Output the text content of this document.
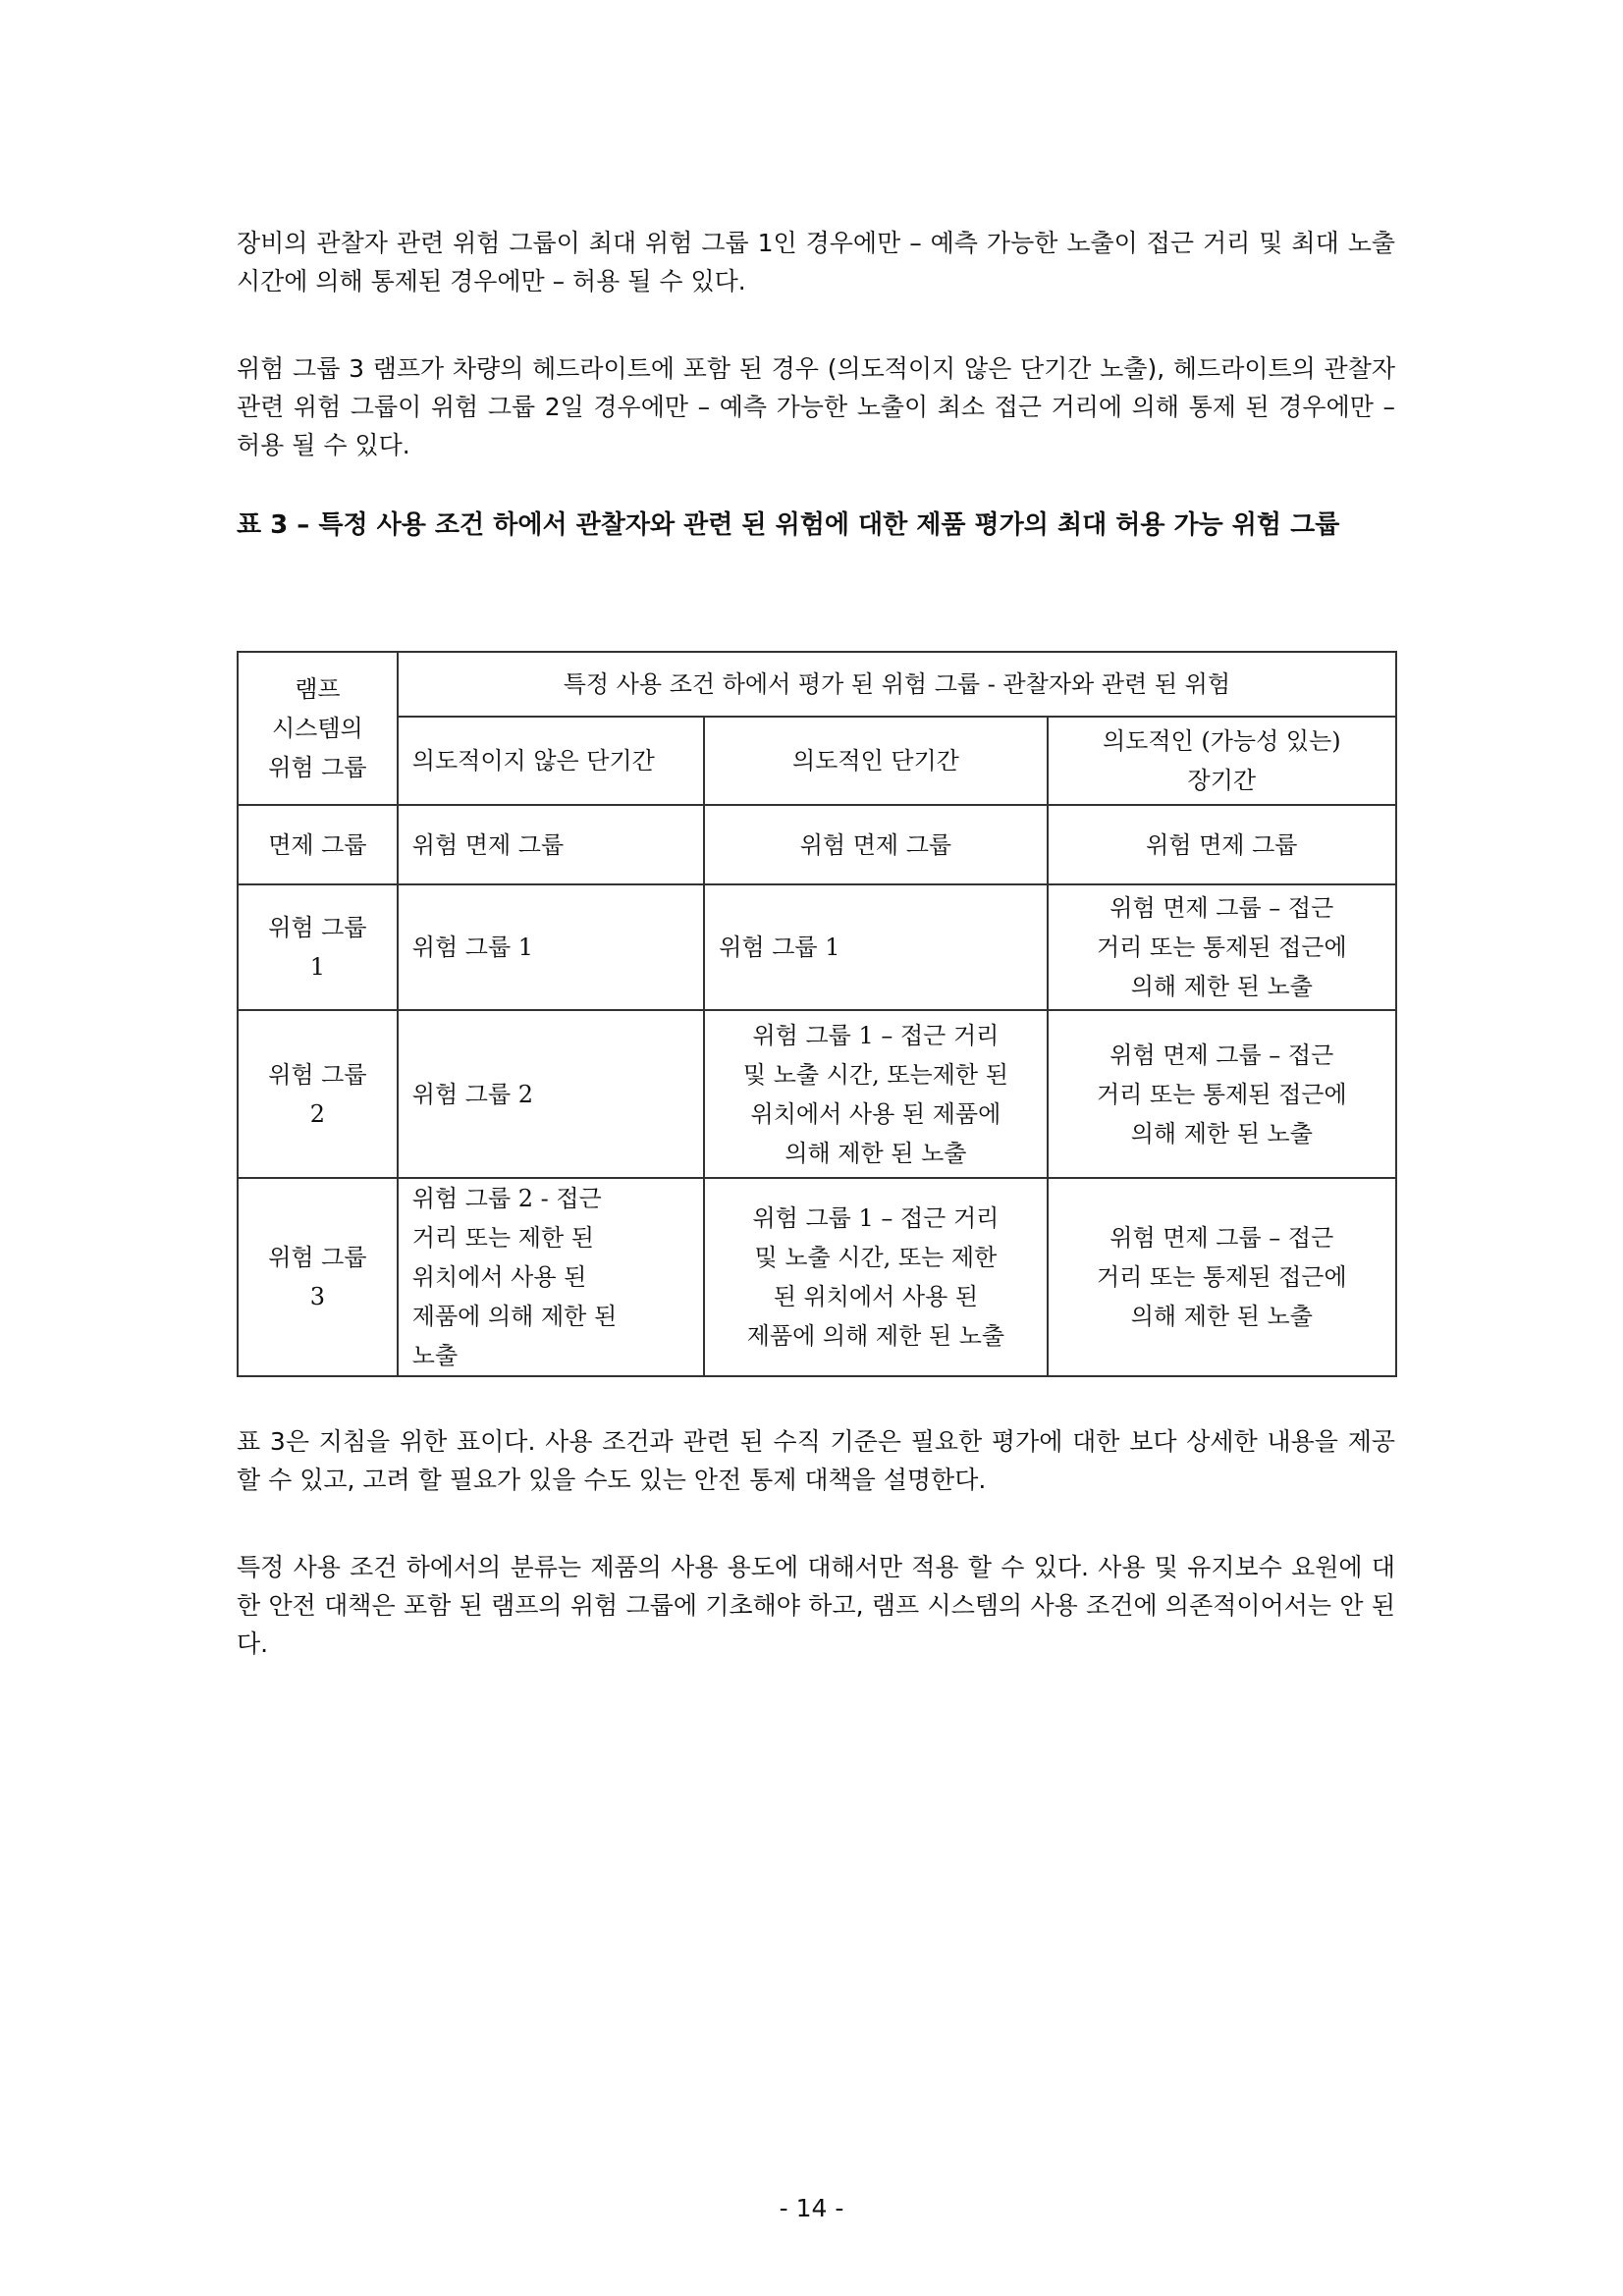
장비의 관찰자 관련 위험 그룹이 최대 위험 그룹 1인 경우에만 – 예측 가능한 노출이 접근 거리 및 최대 노출 시간에 의해 통제된 경우에만 – 허용 될 수 있다.

위험 그룹 3 램프가 차량의 헤드라이트에 포함 된 경우 (의도적이지 않은 단기간 노출), 헤드라이트의 관찰자 관련 위험 그룹이 위험 그룹 2일 경우에만 – 예측 가능한 노출이 최소 접근 거리에 의해 통제 된 경우에만 – 허용 될 수 있다.

표 3 – 특정 사용 조건 하에서 관찰자와 관련 된 위험에 대한 제품 평가의 최대 허용 가능 위험 그룹

램프
시스템의
위험 그룹	특정 사용 조건 하에서 평가 된 위험 그룹 - 관찰자와 관련 된 위험		
	의도적이지 않은 단기간	의도적인 단기간	의도적인 (가능성 있는)
장기간
면제 그룹	위험 면제 그룹	위험 면제 그룹	위험 면제 그룹
위험 그룹
1	위험 그룹 1	위험 그룹 1	위험 면제 그룹 – 접근
거리 또는 통제된 접근에
의해 제한 된 노출
위험 그룹
2	위험 그룹 2	위험 그룹 1 – 접근 거리
및 노출 시간, 또는제한 된
위치에서 사용 된 제품에
의해 제한 된 노출	위험 면제 그룹 – 접근
거리 또는 통제된 접근에
의해 제한 된 노출
위험 그룹
3	위험 그룹 2 - 접근
거리 또는 제한 된
위치에서 사용 된
제품에 의해 제한 된
노출	위험 그룹 1 – 접근 거리
및 노출 시간, 또는 제한
된 위치에서 사용 된
제품에 의해 제한 된 노출	위험 면제 그룹 – 접근
거리 또는 통제된 접근에
의해 제한 된 노출

표 3은 지침을 위한 표이다. 사용 조건과 관련 된 수직 기준은 필요한 평가에 대한 보다 상세한 내용을 제공 할 수 있고, 고려 할 필요가 있을 수도 있는 안전 통제 대책을 설명한다.

특정 사용 조건 하에서의 분류는 제품의 사용 용도에 대해서만 적용 할 수 있다. 사용 및 유지보수 요원에 대한 안전 대책은 포함 된 램프의 위험 그룹에 기초해야 하고, 램프 시스템의 사용 조건에 의존적이어서는 안 된다.

- 14 -
